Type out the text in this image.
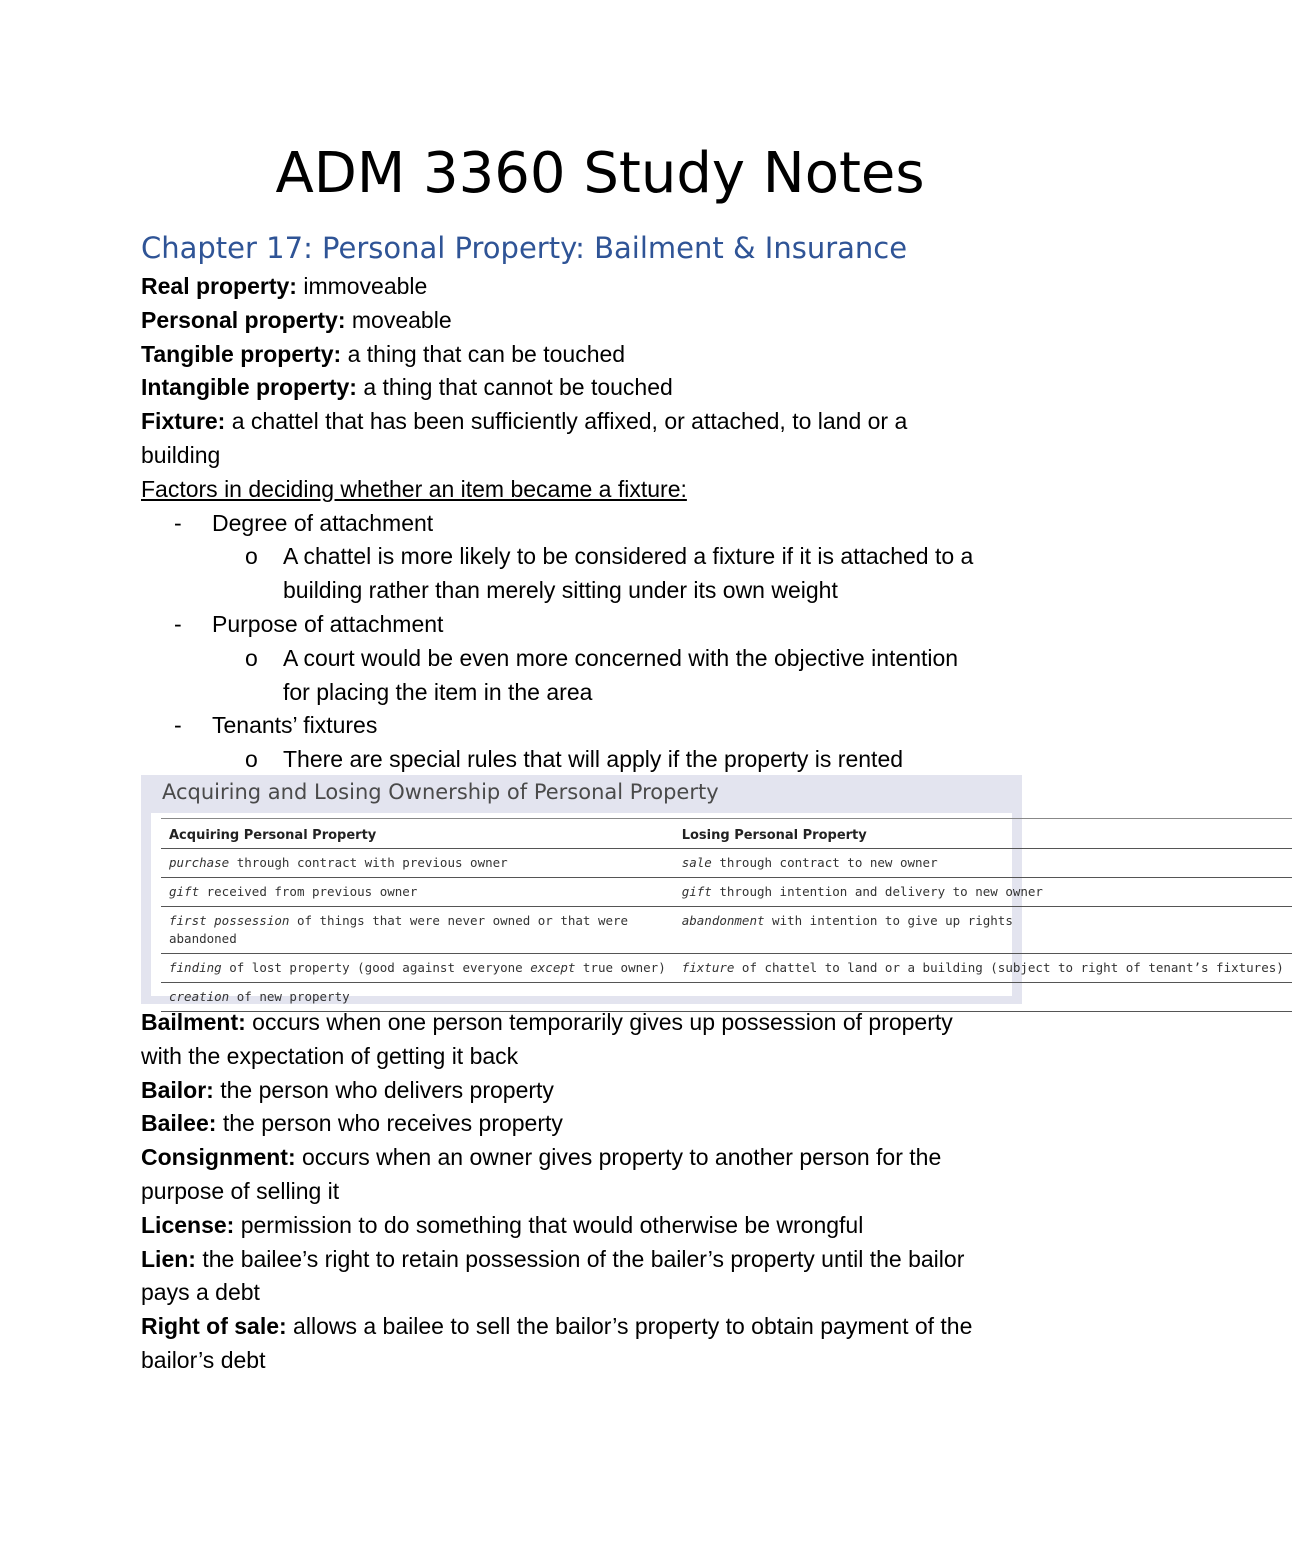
ADM 3360 Study Notes
Chapter 17: Personal Property: Bailment & Insurance
Real property: immoveable
Personal property: moveable
Tangible property: a thing that can be touched
Intangible property: a thing that cannot be touched
Fixture: a chattel that has been sufficiently affixed, or attached, to land or a
building
Factors in deciding whether an item became a fixture:
- Degree of attachment
o A chattel is more likely to be considered a fixture if it is attached to a
building rather than merely sitting under its own weight
- Purpose of attachment
o A court would be even more concerned with the objective intention
for placing the item in the area
- Tenants’ fixtures
o There are special rules that will apply if the property is rented
Acquiring and Losing Ownership of Personal Property
Acquiring Personal Property	Losing Personal Property
purchase through contract with previous owner	sale through contract to new owner
gift received from previous owner	gift through intention and delivery to new owner
first possession of things that were never owned or that were abandoned	abandonment with intention to give up rights
finding of lost property (good against everyone except true owner)	fixture of chattel to land or a building (subject to right of tenant’s fixtures)
creation of new property	
Bailment: occurs when one person temporarily gives up possession of property
with the expectation of getting it back
Bailor: the person who delivers property
Bailee: the person who receives property
Consignment: occurs when an owner gives property to another person for the
purpose of selling it
License: permission to do something that would otherwise be wrongful
Lien: the bailee’s right to retain possession of the bailer’s property until the bailor
pays a debt
Right of sale: allows a bailee to sell the bailor’s property to obtain payment of the
bailor’s debt
